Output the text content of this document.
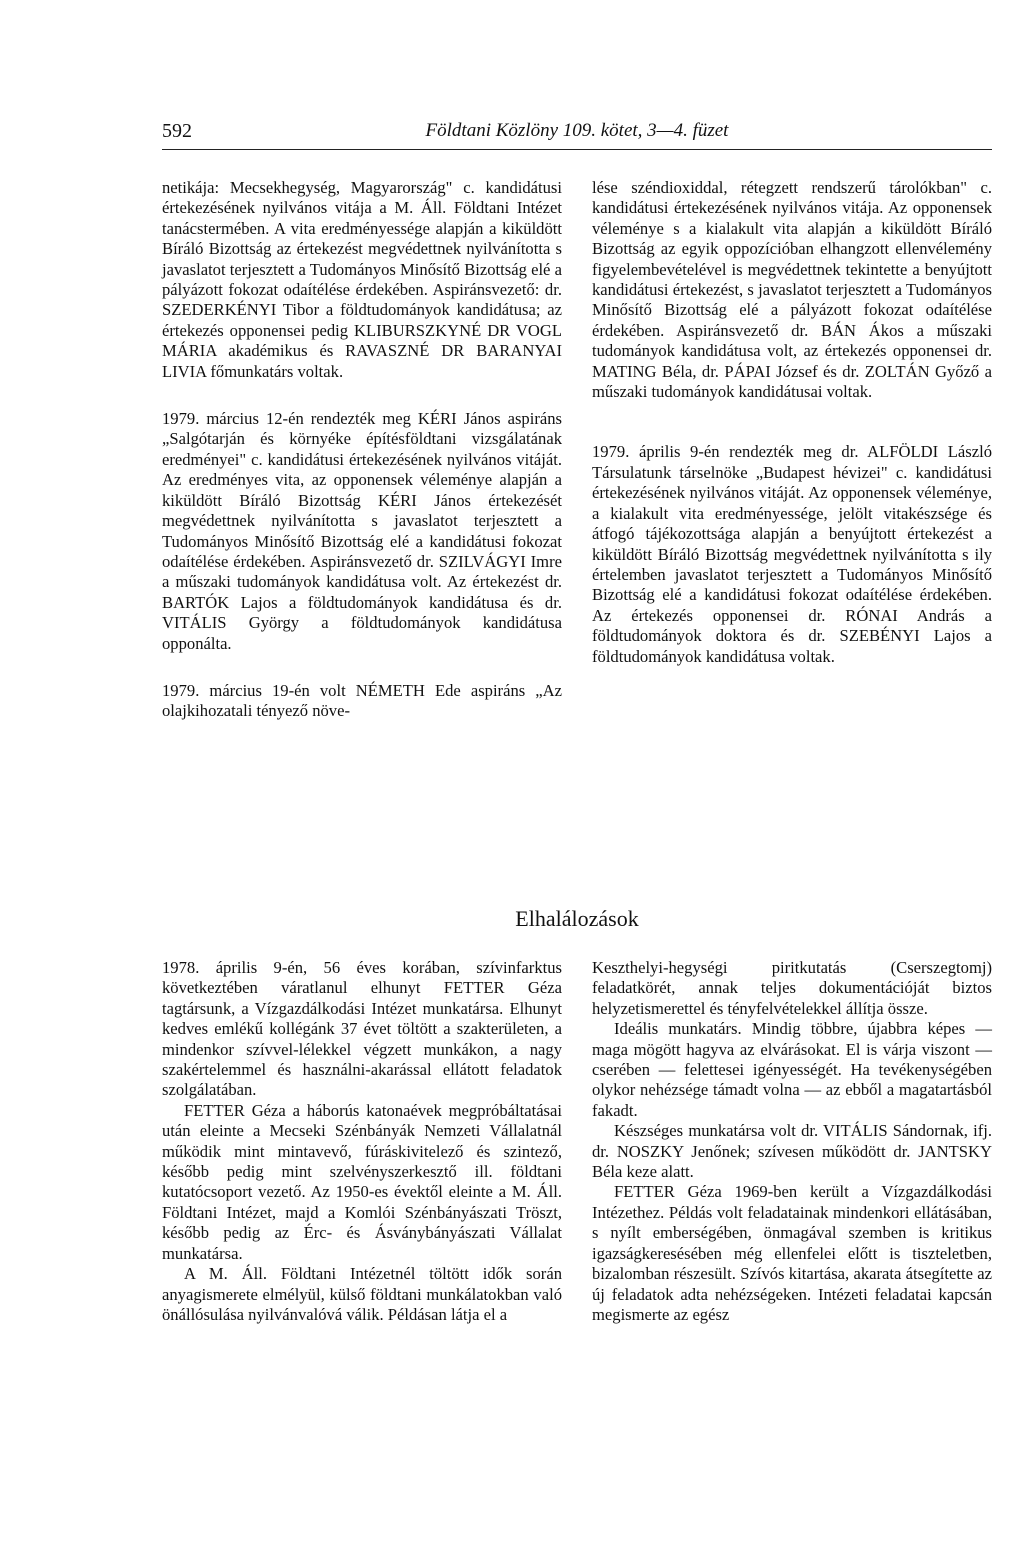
592	Földtani Közlöny 109. kötet, 3—4. füzet

netikája: Mecsekhegység, Magyarország" c. kandidátusi értekezésének nyilvános vitája a M. Áll. Földtani Intézet tanácstermében. A vita eredményessége alapján a kiküldött Bíráló Bizottság az értekezést megvédettnek nyilvánította s javaslatot terjesztett a Tudományos Minősítő Bizottság elé a pályázott fokozat odaítélése érdekében. Aspiránsvezető: dr. SZEDERKÉNYI Tibor a földtudományok kandidátusa; az értekezés opponensei pedig KLIBURSZKYNÉ DR VOGL MÁRIA akadémikus és RAVASZNÉ DR BARANYAI LIVIA főmunkatárs voltak.

1979. március 12-én rendezték meg KÉRI János aspiráns „Salgótarján és környéke építésföldtani vizsgálatának eredményei" c. kandidátusi értekezésének nyilvános vitáját. Az eredményes vita, az opponensek véleménye alapján a kiküldött Bíráló Bizottság KÉRI János értekezését megvédettnek nyilvánította s javaslatot terjesztett a Tudományos Minősítő Bizottság elé a kandidátusi fokozat odaítélése érdekében. Aspiránsvezető dr. SZILVÁGYI Imre a műszaki tudományok kandidátusa volt. Az értekezést dr. BARTÓK Lajos a földtudományok kandidátusa és dr. VITÁLIS György a földtudományok kandidátusa opponálta.

1979. március 19-én volt NÉMETH Ede aspiráns „Az olajkihozatali tényező növe-

lése széndioxiddal, rétegzett rendszerű tárolókban" c. kandidátusi értekezésének nyilvános vitája. Az opponensek véleménye s a kialakult vita alapján a kiküldött Bíráló Bizottság az egyik oppozícióban elhangzott ellenvélemény figyelembevételével is megvédettnek tekintette a benyújtott kandidátusi értekezést, s javaslatot terjesztett a Tudományos Minősítő Bizottság elé a pályázott fokozat odaítélése érdekében. Aspiránsvezető dr. BÁN Ákos a műszaki tudományok kandidátusa volt, az értekezés opponensei dr. MATING Béla, dr. PÁPAI József és dr. ZOLTÁN Győző a műszaki tudományok kandidátusai voltak.

1979. április 9-én rendezték meg dr. ALFÖLDI László Társulatunk társelnöke „Budapest hévizei" c. kandidátusi értekezésének nyilvános vitáját. Az opponensek véleménye, a kialakult vita eredményessége, jelölt vitakészsége és átfogó tájékozottsága alapján a benyújtott értekezést a kiküldött Bíráló Bizottság megvédettnek nyilvánította s ily értelemben javaslatot terjesztett a Tudományos Minősítő Bizottság elé a kandidátusi fokozat odaítélése érdekében. Az értekezés opponensei dr. RÓNAI András a földtudományok doktora és dr. SZEBÉNYI Lajos a földtudományok kandidátusa voltak.

Elhalálozások

1978. április 9-én, 56 éves korában, szívinfarktus következtében váratlanul elhunyt FETTER Géza tagtársunk, a Vízgazdálkodási Intézet munkatársa. Elhunyt kedves emlékű kollégánk 37 évet töltött a szakterületen, a mindenkor szívvel-lélekkel végzett munkákon, a nagy szakértelemmel és használni-akarással ellátott feladatok szolgálatában.

FETTER Géza a háborús katonaévek megpróbáltatásai után eleinte a Mecseki Szénbányák Nemzeti Vállalatnál működik mint mintavevő, fúráskivitelező és szintező, később pedig mint szelvényszerkesztő ill. földtani kutatócsoport vezető. Az 1950-es évektől eleinte a M. Áll. Földtani Intézet, majd a Komlói Szénbányászati Tröszt, később pedig az Érc- és Ásványbányászati Vállalat munkatársa.

A M. Áll. Földtani Intézetnél töltött idők során anyagismerete elmélyül, külső földtani munkálatokban való önállósulása nyilvánvalóvá válik. Példásan látja el a

Keszthelyi-hegységi piritkutatás (Cserszegtomj) feladatkörét, annak teljes dokumentációját biztos helyzetismerettel és tényfelvételekkel állítja össze.

Ideális munkatárs. Mindig többre, újabbra képes — maga mögött hagyva az elvárásokat. El is várja viszont — cserében — felettesei igényességét. Ha tevékenységében olykor nehézsége támadt volna — az ebből a magatartásból fakadt.

Készséges munkatársa volt dr. VITÁLIS Sándornak, ifj. dr. NOSZKY Jenőnek; szívesen működött dr. JANTSKY Béla keze alatt.

FETTER Géza 1969-ben került a Vízgazdálkodási Intézethez. Példás volt feladatainak mindenkori ellátásában, s nyílt emberségében, önmagával szemben is kritikus igazságkeresésében még ellenfelei előtt is tiszteletben, bizalomban részesült. Szívós kitartása, akarata átsegítette az új feladatok adta nehézségeken. Intézeti feladatai kapcsán megismerte az egész
